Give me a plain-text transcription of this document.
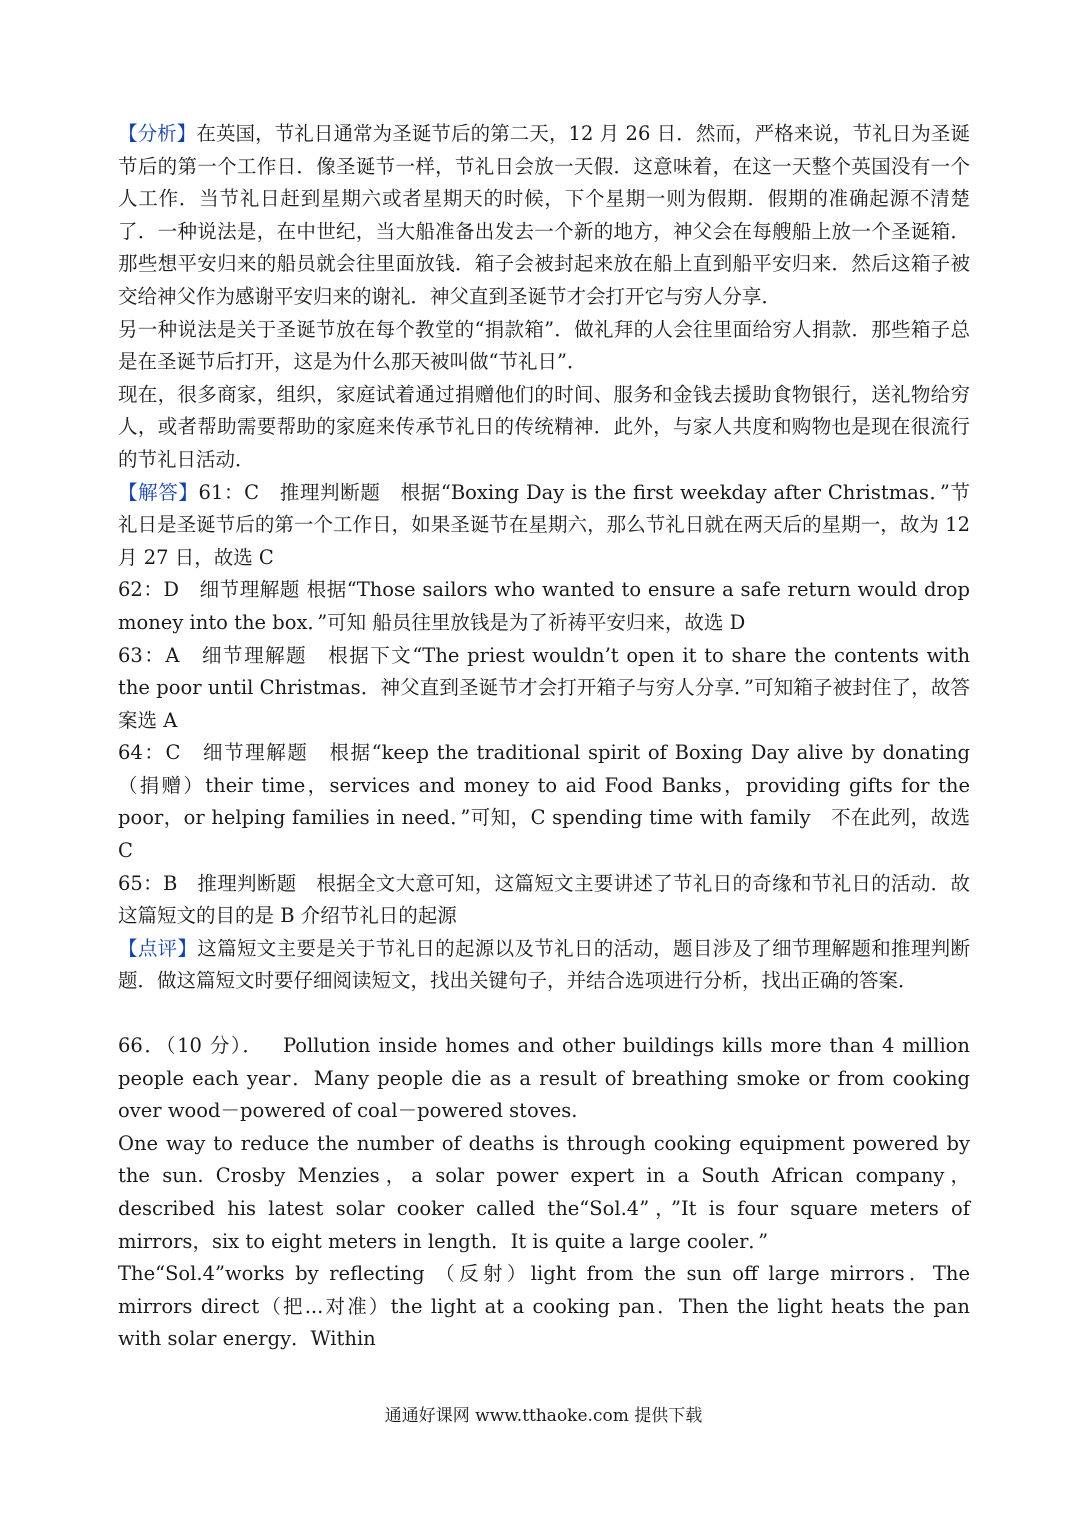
【分析】在英国，节礼日通常为圣诞节后的第二天，12 月 26 日．然而，严格来说，节礼日为圣诞节后的第一个工作日．像圣诞节一样，节礼日会放一天假．这意味着，在这一天整个英国没有一个人工作．当节礼日赶到星期六或者星期天的时候，下个星期一则为假期．假期的准确起源不清楚了．一种说法是，在中世纪，当大船准备出发去一个新的地方，神父会在每艘船上放一个圣诞箱．那些想平安归来的船员就会往里面放钱．箱子会被封起来放在船上直到船平安归来．然后这箱子被交给神父作为感谢平安归来的谢礼．神父直到圣诞节才会打开它与穷人分享．

另一种说法是关于圣诞节放在每个教堂的“捐款箱”．做礼拜的人会往里面给穷人捐款．那些箱子总是在圣诞节后打开，这是为什么那天被叫做“节礼日”．

现在，很多商家，组织，家庭试着通过捐赠他们的时间、服务和金钱去援助食物银行，送礼物给穷人，或者帮助需要帮助的家庭来传承节礼日的传统精神．此外，与家人共度和购物也是现在很流行的节礼日活动．

【解答】61：C　推理判断题　根据“Boxing Day is the first weekday after Christmas．”节礼日是圣诞节后的第一个工作日，如果圣诞节在星期六，那么节礼日就在两天后的星期一，故为 12 月 27 日，故选 C

62：D　细节理解题 根据“Those sailors who wanted to ensure a safe return would drop money into the box．”可知 船员往里放钱是为了祈祷平安归来，故选 D

63：A　细节理解题　根据下文“The priest wouldn’t open it to share the contents with the poor until Christmas．神父直到圣诞节才会打开箱子与穷人分享．”可知箱子被封住了，故答案选 A

64：C　细节理解题　根据“keep the traditional spirit of Boxing Day alive by donating（捐赠）their time，services and money to aid Food Banks，providing gifts for the poor，or helping families in need．”可知，C spending time with family　不在此列，故选 C

65：B　推理判断题　根据全文大意可知，这篇短文主要讲述了节礼日的奇缘和节礼日的活动．故这篇短文的目的是 B 介绍节礼日的起源

【点评】这篇短文主要是关于节礼日的起源以及节礼日的活动，题目涉及了细节理解题和推理判断题．做这篇短文时要仔细阅读短文，找出关键句子，并结合选项进行分析，找出正确的答案．

66．（10 分）．　 Pollution inside homes and other buildings kills more than 4 million people each year．Many people die as a result of breathing smoke or from cooking over wood－powered of coal－powered stoves.

One way to reduce the number of deaths is through cooking equipment powered by the sun. Crosby Menzies，a solar power expert in a South African company，described his latest solar cooker called the“Sol.4”，”It is four square meters of mirrors，six to eight meters in length．It is quite a large cooler．”

The“Sol.4”works by reflecting （反射）light from the sun off large mirrors．The mirrors direct（把...对准）the light at a cooking pan．Then the light heats the pan with solar energy．Within

通通好课网 www.tthaoke.com 提供下载
